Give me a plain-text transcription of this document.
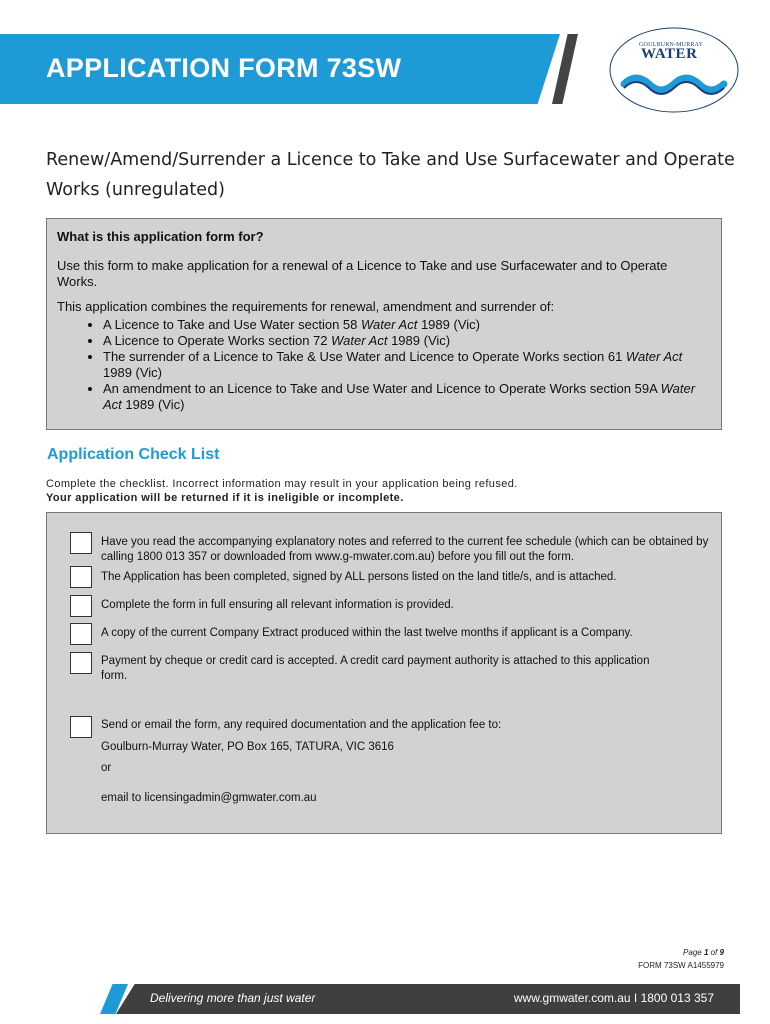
APPLICATION FORM 73SW
GOULBURN-MURRAY
WATER
Renew/Amend/Surrender a Licence to Take and Use Surfacewater and Operate Works (unregulated)
What is this application form for?

Use this form to make application for a renewal of a Licence to Take and use Surfacewater and to Operate Works.

This application combines the requirements for renewal, amendment and surrender of:

• A Licence to Take and Use Water section 58 Water Act 1989 (Vic)
• A Licence to Operate Works section 72 Water Act 1989 (Vic)
• The surrender of a Licence to Take & Use Water and Licence to Operate Works section 61 Water Act 1989 (Vic)
• An amendment to an Licence to Take and Use Water and Licence to Operate Works section 59A Water Act 1989 (Vic)
Application Check List
Complete the checklist. Incorrect information may result in your application being refused.
Your application will be returned if it is ineligible or incomplete.
Have you read the accompanying explanatory notes and referred to the current fee schedule (which can be obtained by calling 1800 013 357 or downloaded from www.g-mwater.com.au) before you fill out the form.
The Application has been completed, signed by ALL persons listed on the land title/s, and is attached.
Complete the form in full ensuring all relevant information is provided.
A copy of the current Company Extract produced within the last twelve months if applicant is a Company.
Payment by cheque or credit card is accepted. A credit card payment authority is attached to this application form.
Send or email the form, any required documentation and the application fee to:
Goulburn-Murray Water, PO Box 165, TATURA, VIC 3616
or
email to licensingadmin@gmwater.com.au
Page 1 of 9
FORM 73SW A1455979
Delivering more than just water	www.gmwater.com.au I 1800 013 357
